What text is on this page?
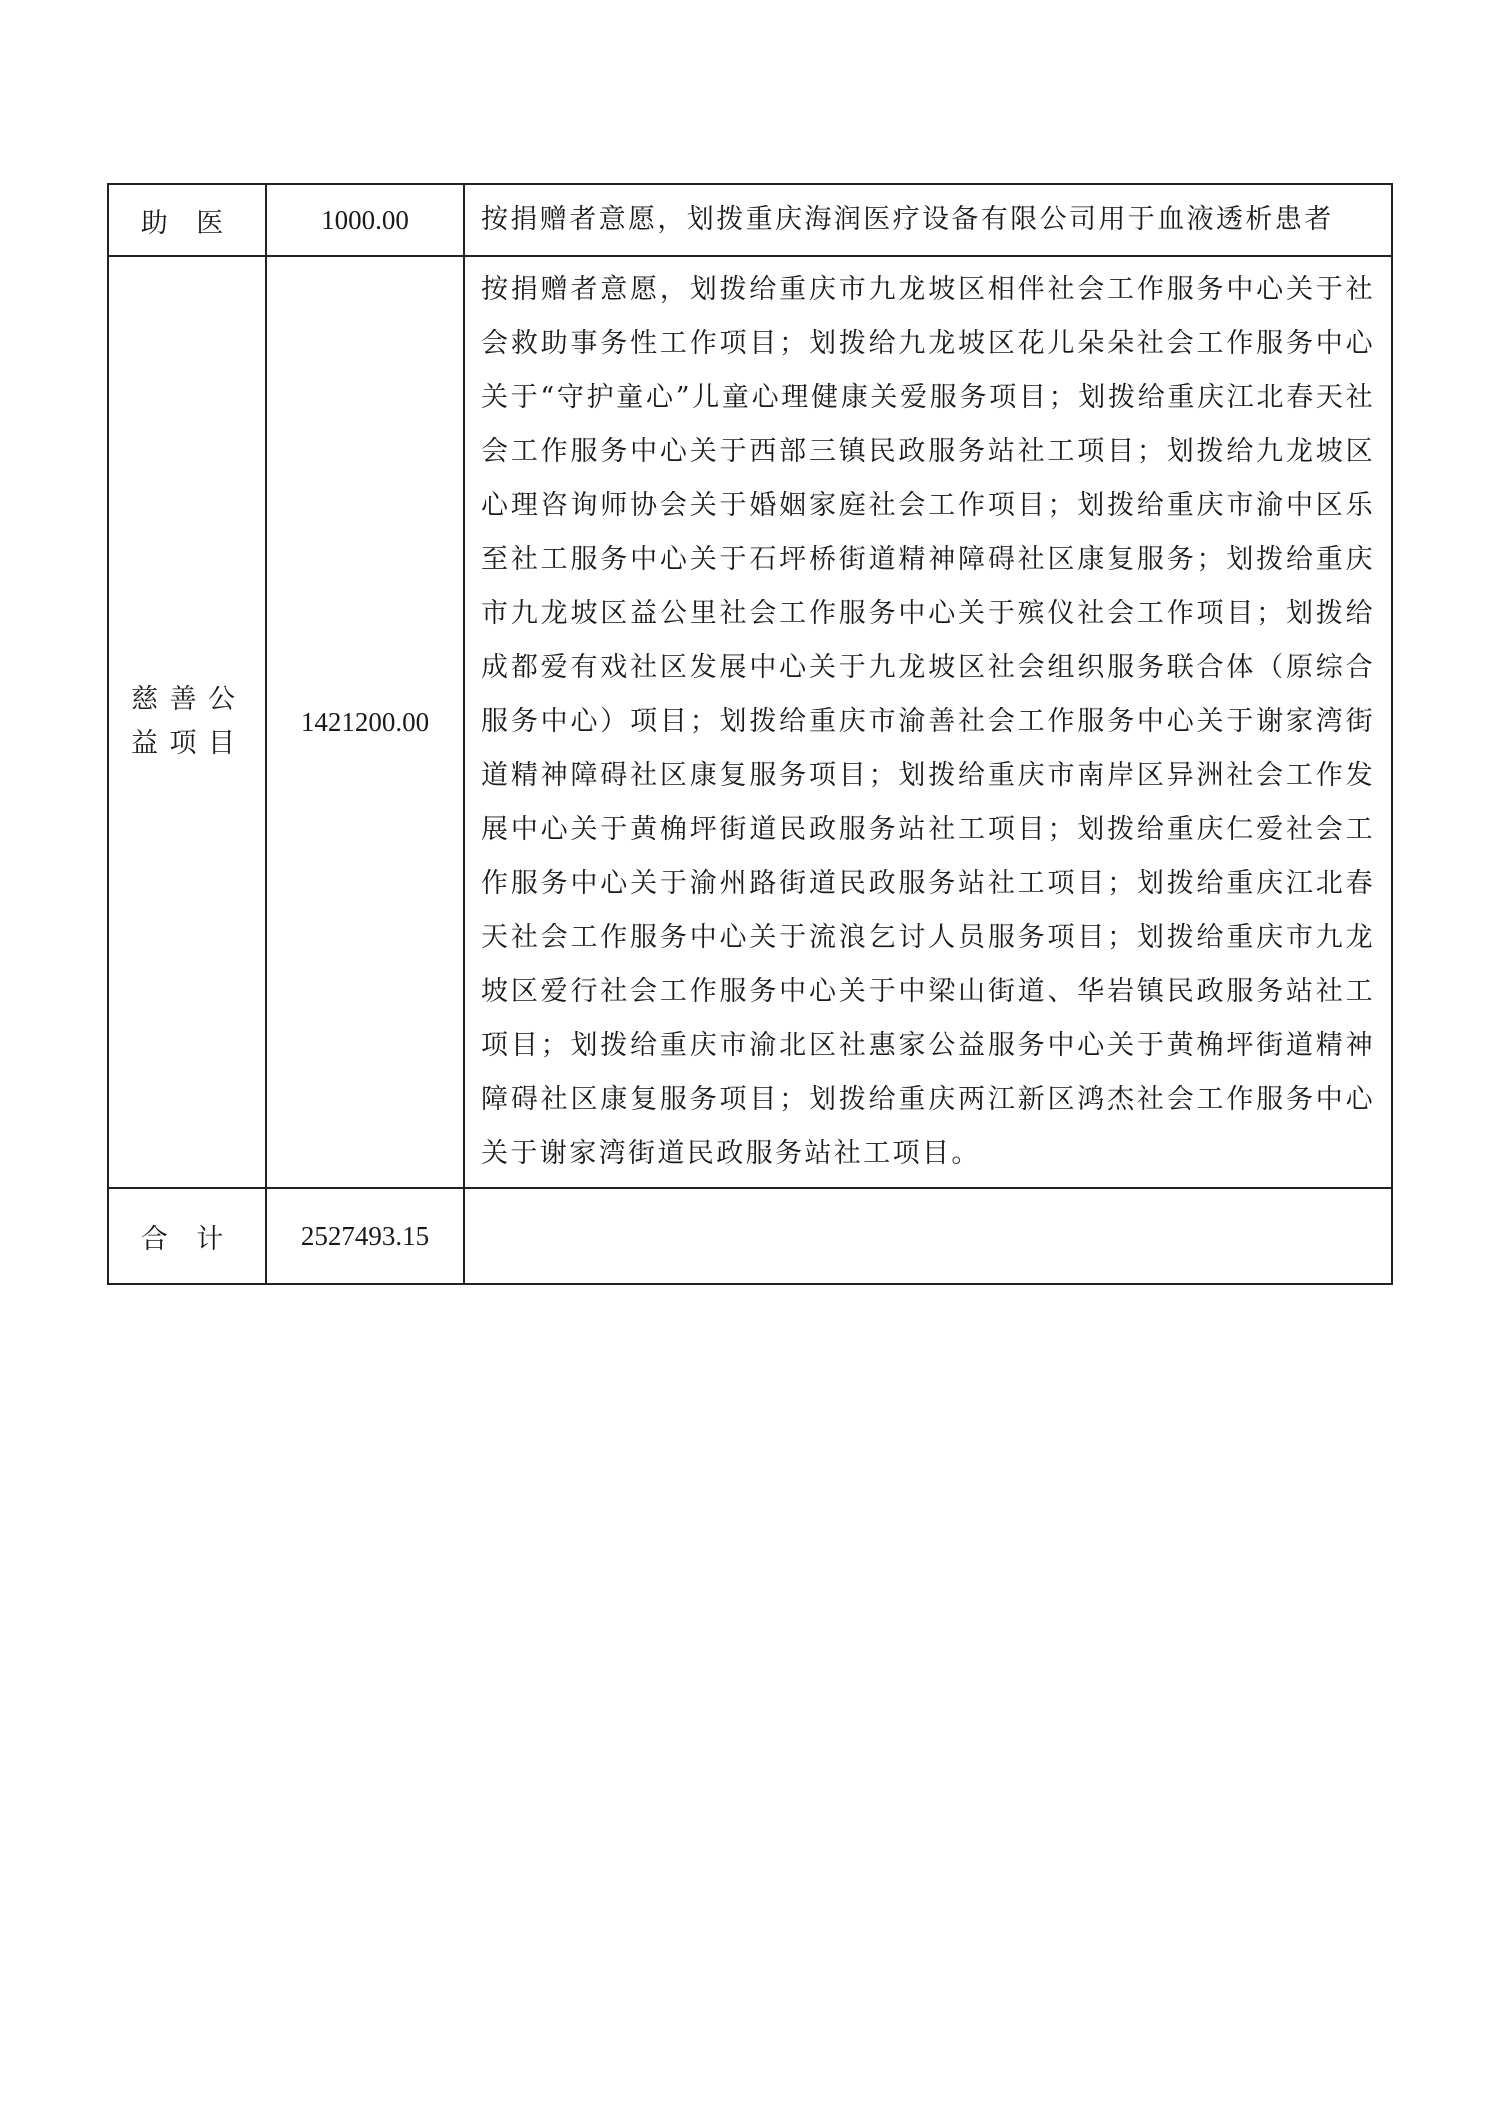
助 医	1000.00	按捐赠者意愿，划拨重庆海润医疗设备有限公司用于血液透析患者

慈善公益项目	1421200.00	按捐赠者意愿，划拨给重庆市九龙坡区相伴社会工作服务中心关于社会救助事务性工作项目；划拨给九龙坡区花儿朵朵社会工作服务中心关于“守护童心”儿童心理健康关爱服务项目；划拨给重庆江北春天社会工作服务中心关于西部三镇民政服务站社工项目；划拨给九龙坡区心理咨询师协会关于婚姻家庭社会工作项目；划拨给重庆市渝中区乐至社工服务中心关于石坪桥街道精神障碍社区康复服务；划拨给重庆市九龙坡区益公里社会工作服务中心关于殡仪社会工作项目；划拨给成都爱有戏社区发展中心关于九龙坡区社会组织服务联合体（原综合服务中心）项目；划拨给重庆市渝善社会工作服务中心关于谢家湾街道精神障碍社区康复服务项目；划拨给重庆市南岸区异洲社会工作发展中心关于黄桷坪街道民政服务站社工项目；划拨给重庆仁爱社会工作服务中心关于渝州路街道民政服务站社工项目；划拨给重庆江北春天社会工作服务中心关于流浪乞讨人员服务项目；划拨给重庆市九龙坡区爱行社会工作服务中心关于中梁山街道、华岩镇民政服务站社工项目；划拨给重庆市渝北区社惠家公益服务中心关于黄桷坪街道精神障碍社区康复服务项目；划拨给重庆两江新区鸿杰社会工作服务中心关于谢家湾街道民政服务站社工项目。
合 计	2527493.15	
